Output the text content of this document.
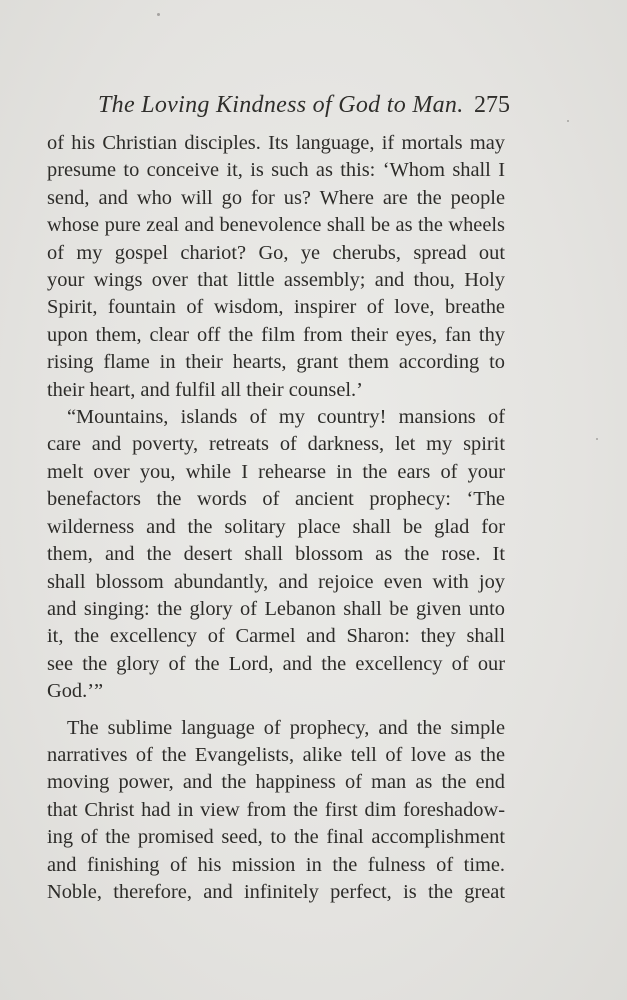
The Loving Kindness of God to Man. 275
of his Christian disciples. Its language, if mortals may
presume to conceive it, is such as this: ‘Whom shall I
send, and who will go for us? Where are the people
whose pure zeal and benevolence shall be as the wheels
of my gospel chariot? Go, ye cherubs, spread out
your wings over that little assembly; and thou, Holy
Spirit, fountain of wisdom, inspirer of love, breathe
upon them, clear off the film from their eyes, fan thy
rising flame in their hearts, grant them according to
their heart, and fulfil all their counsel.’
“Mountains, islands of my country! mansions of
care and poverty, retreats of darkness, let my spirit
melt over you, while I rehearse in the ears of your
benefactors the words of ancient prophecy: ‘The
wilderness and the solitary place shall be glad for
them, and the desert shall blossom as the rose. It
shall blossom abundantly, and rejoice even with joy
and singing: the glory of Lebanon shall be given unto
it, the excellency of Carmel and Sharon: they shall
see the glory of the Lord, and the excellency of our
God.’”
The sublime language of prophecy, and the simple
narratives of the Evangelists, alike tell of love as the
moving power, and the happiness of man as the end
that Christ had in view from the first dim foreshadow-
ing of the promised seed, to the final accomplishment
and finishing of his mission in the fulness of time.
Noble, therefore, and infinitely perfect, is the great
